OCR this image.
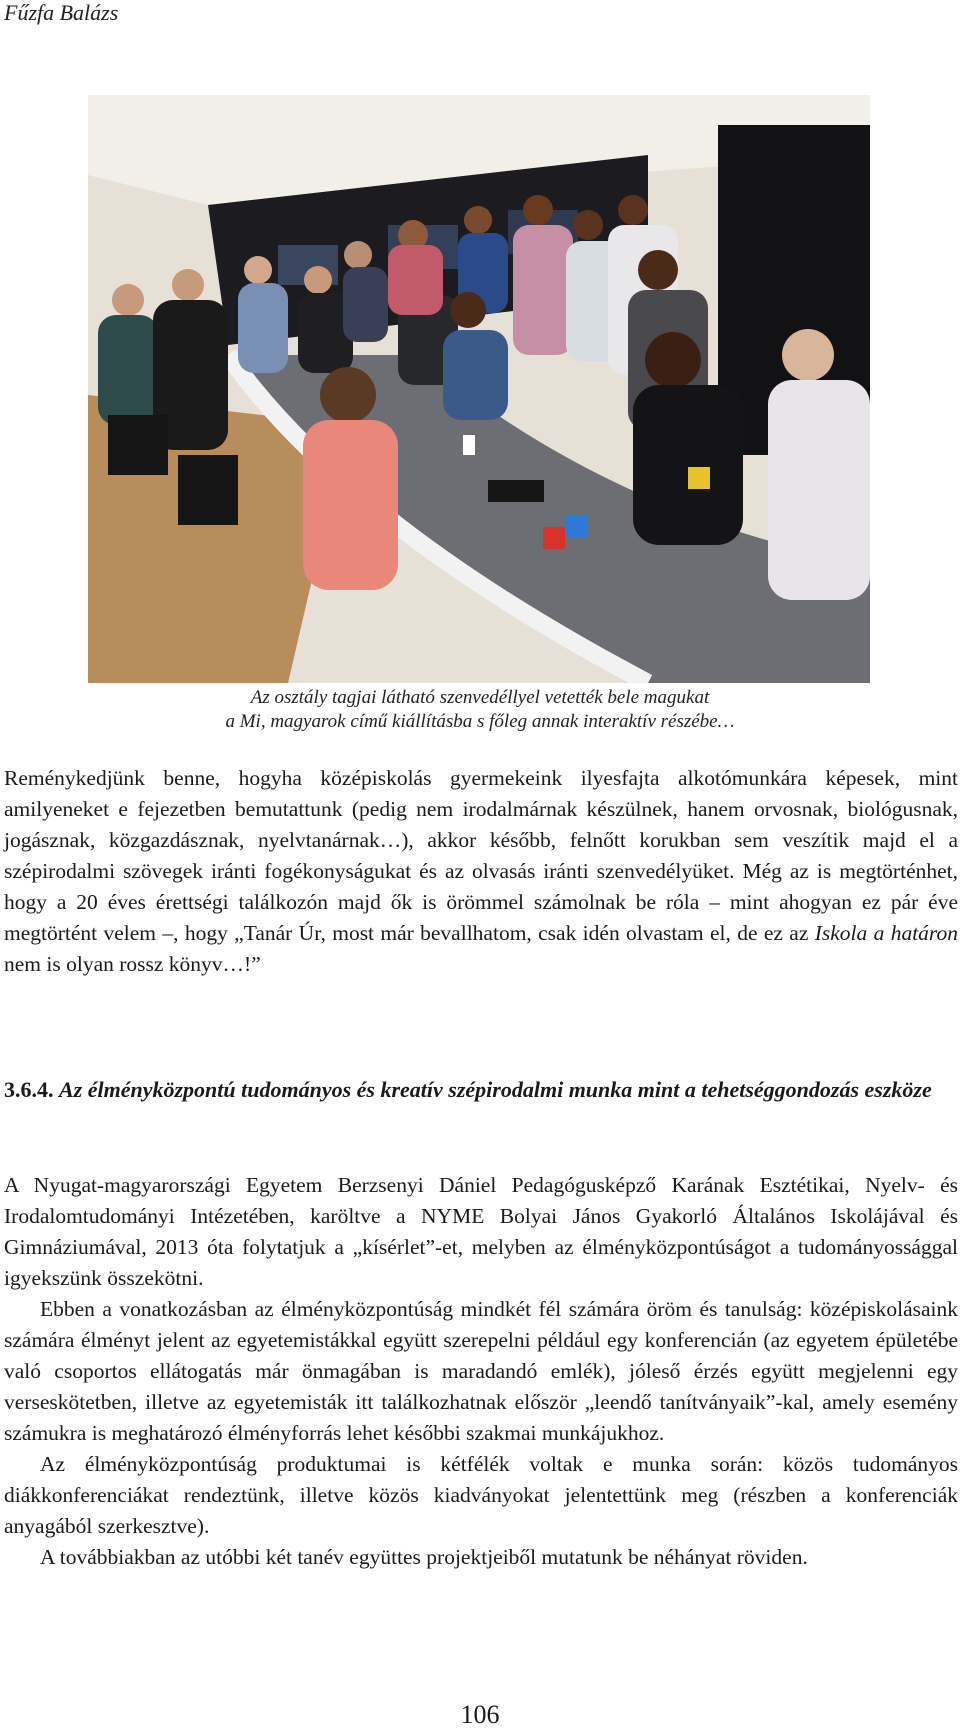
Fűzfa Balázs
Az osztály tagjai látható szenvedéllyel vetették bele magukat
a Mi, magyarok című kiállításba s főleg annak interaktív részébe…

Reménykedjünk benne, hogyha középiskolás gyermekeink ilyesfajta alkotómunkára képesek, mint amilyeneket e fejezetben bemutattunk (pedig nem irodalmárnak készülnek, hanem orvosnak, biológusnak, jogásznak, közgazdásznak, nyelvtanárnak…), akkor később, felnőtt korukban sem veszítik majd el a szépirodalmi szövegek iránti fogékonyságukat és az olvasás iránti szenvedélyüket. Még az is megtörténhet, hogy a 20 éves érettségi találkozón majd ők is örömmel számolnak be róla – mint ahogyan ez pár éve megtörtént velem –, hogy „Tanár Úr, most már bevallhatom, csak idén olvastam el, de ez az Iskola a határon nem is olyan rossz könyv…!”

3.6.4. Az élményközpontú tudományos és kreatív szépirodalmi munka mint a tehetséggondozás eszköze

A Nyugat-magyarországi Egyetem Berzsenyi Dániel Pedagógusképző Karának Esztétikai, Nyelv- és Irodalomtudományi Intézetében, karöltve a NYME Bolyai János Gyakorló Általános Iskolájával és Gimnáziumával, 2013 óta folytatjuk a „kísérlet”-et, melyben az élményközpontúságot a tudományossággal igyekszünk összekötni.

Ebben a vonatkozásban az élményközpontúság mindkét fél számára öröm és tanulság: középiskolásaink számára élményt jelent az egyetemistákkal együtt szerepelni például egy konferencián (az egyetem épületébe való csoportos ellátogatás már önmagában is maradandó emlék), jóleső érzés együtt megjelenni egy verseskötetben, illetve az egyetemisták itt találkozhatnak először „leendő tanítványaik”-kal, amely esemény számukra is meghatározó élményforrás lehet későbbi szakmai munkájukhoz.

Az élményközpontúság produktumai is kétfélék voltak e munka során: közös tudományos diákkonferenciákat rendeztünk, illetve közös kiadványokat jelentettünk meg (részben a konferenciák anyagából szerkesztve).

A továbbiakban az utóbbi két tanév együttes projektjeiből mutatunk be néhányat röviden.

106
